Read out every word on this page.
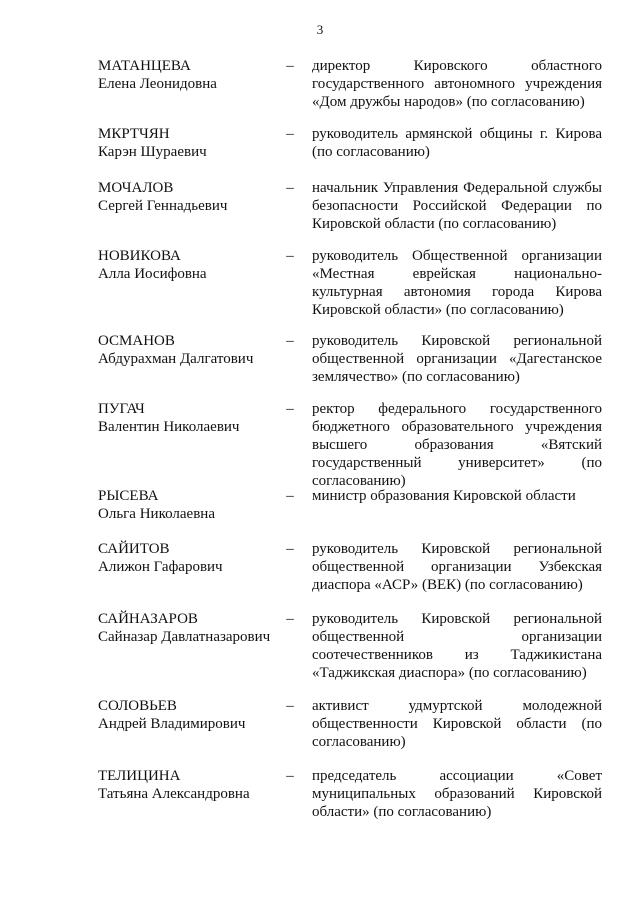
3
МАТАНЦЕВА
Елена Леонидовна
– директор Кировского областного государственного автономного учреждения «Дом дружбы народов» (по согласованию)
МКРТЧЯН
Карэн Шураевич
– руководитель армянской общины г. Кирова (по согласованию)
МОЧАЛОВ
Сергей Геннадьевич
– начальник Управления Федеральной службы безопасности Российской Федерации по Кировской области (по согласованию)
НОВИКОВА
Алла Иосифовна
– руководитель Общественной организации «Местная еврейская национально-культурная автономия города Кирова Кировской области» (по согласованию)
ОСМАНОВ
Абдурахман Далгатович
– руководитель Кировской региональной общественной организации «Дагестанское землячество» (по согласованию)
ПУГАЧ
Валентин Николаевич
– ректор федерального государственного бюджетного образовательного учреждения высшего образования «Вятский государственный университет» (по согласованию)
РЫСЕВА
Ольга Николаевна
– министр образования Кировской области
САЙИТОВ
Алижон Гафарович
– руководитель Кировской региональной общественной организации Узбекская диаспора «АСР» (ВЕК) (по согласованию)
САЙНАЗАРОВ
Сайназар Давлатназарович
– руководитель Кировской региональной общественной организации соотечественников из Таджикистана «Таджикская диаспора» (по согласованию)
СОЛОВЬЕВ
Андрей Владимирович
– активист удмуртской молодежной общественности Кировской области (по согласованию)
ТЕЛИЦИНА
Татьяна Александровна
– председатель ассоциации «Совет муниципальных образований Кировской области» (по согласованию)
